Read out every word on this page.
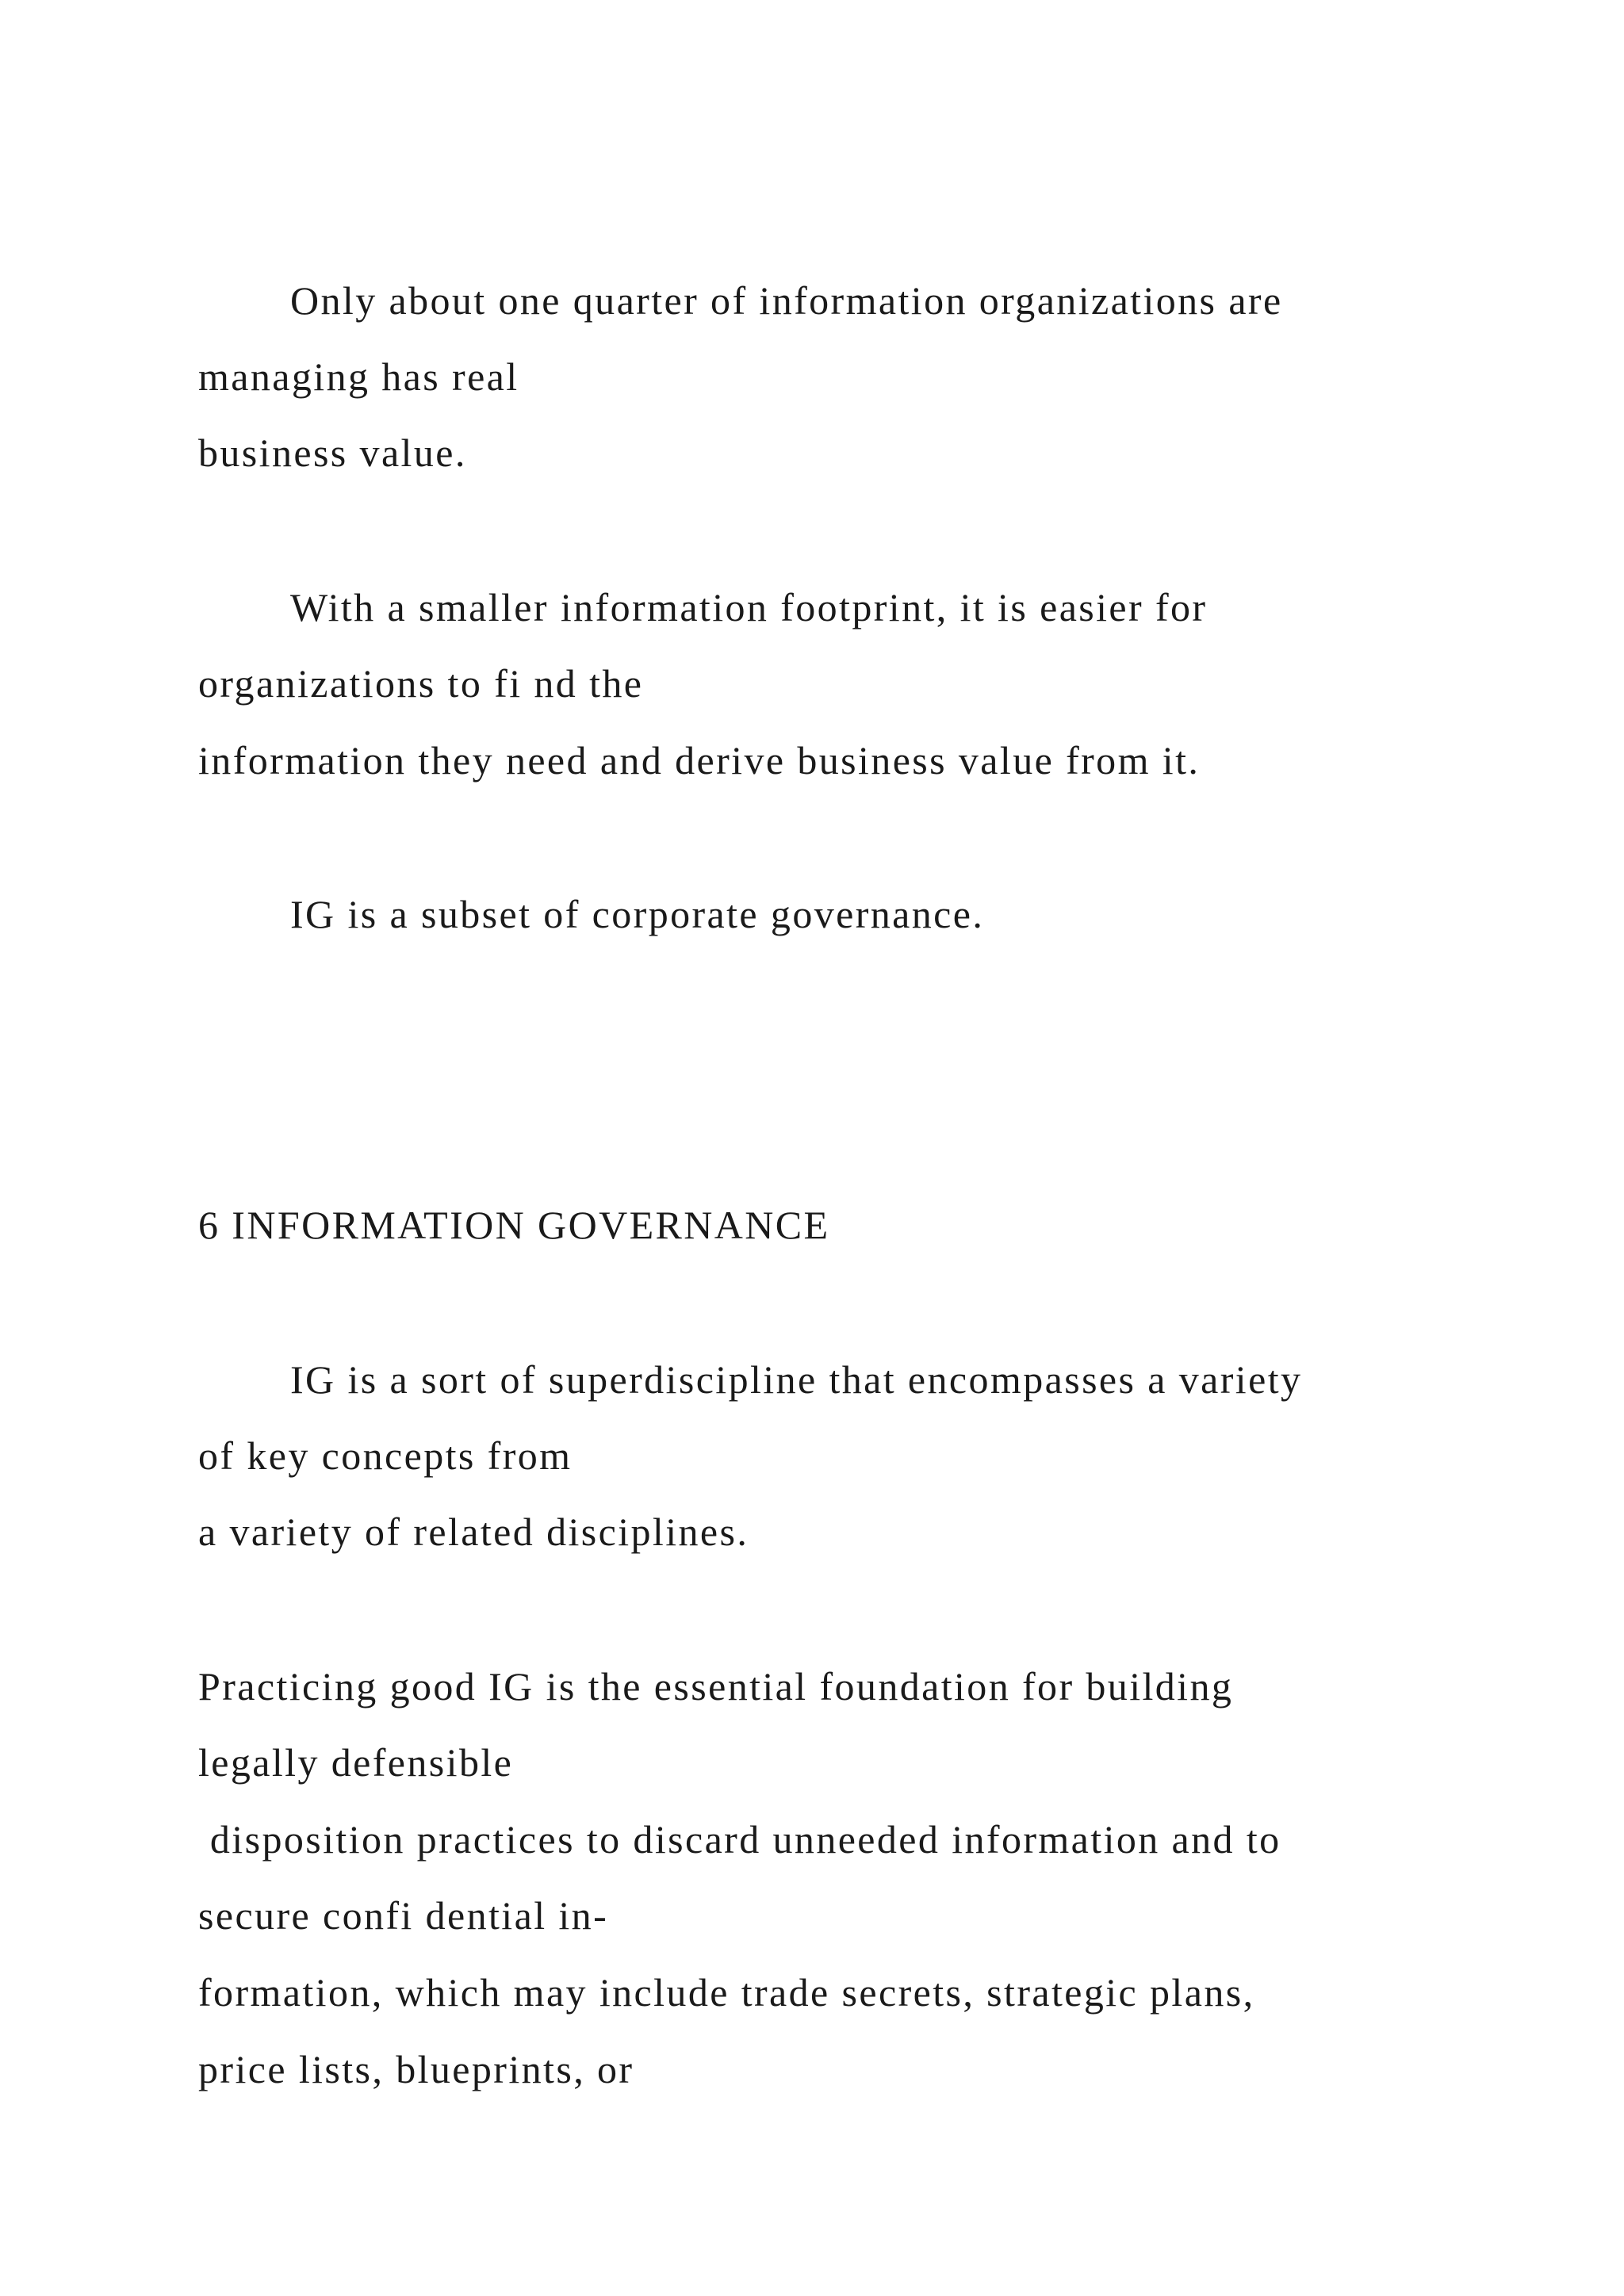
Only about one quarter of information organizations are

managing has real

business value.

With a smaller information footprint, it is easier for

organizations to fi nd the

information they need and derive business value from it.

IG is a subset of corporate governance.

6 INFORMATION GOVERNANCE

IG is a sort of superdiscipline that encompasses a variety

of key concepts from

a variety of related disciplines.

Practicing good IG is the essential foundation for building

legally defensible

disposition practices to discard unneeded information and to

secure confi dential in-

formation, which may include trade secrets, strategic plans,

price lists, blueprints, or
